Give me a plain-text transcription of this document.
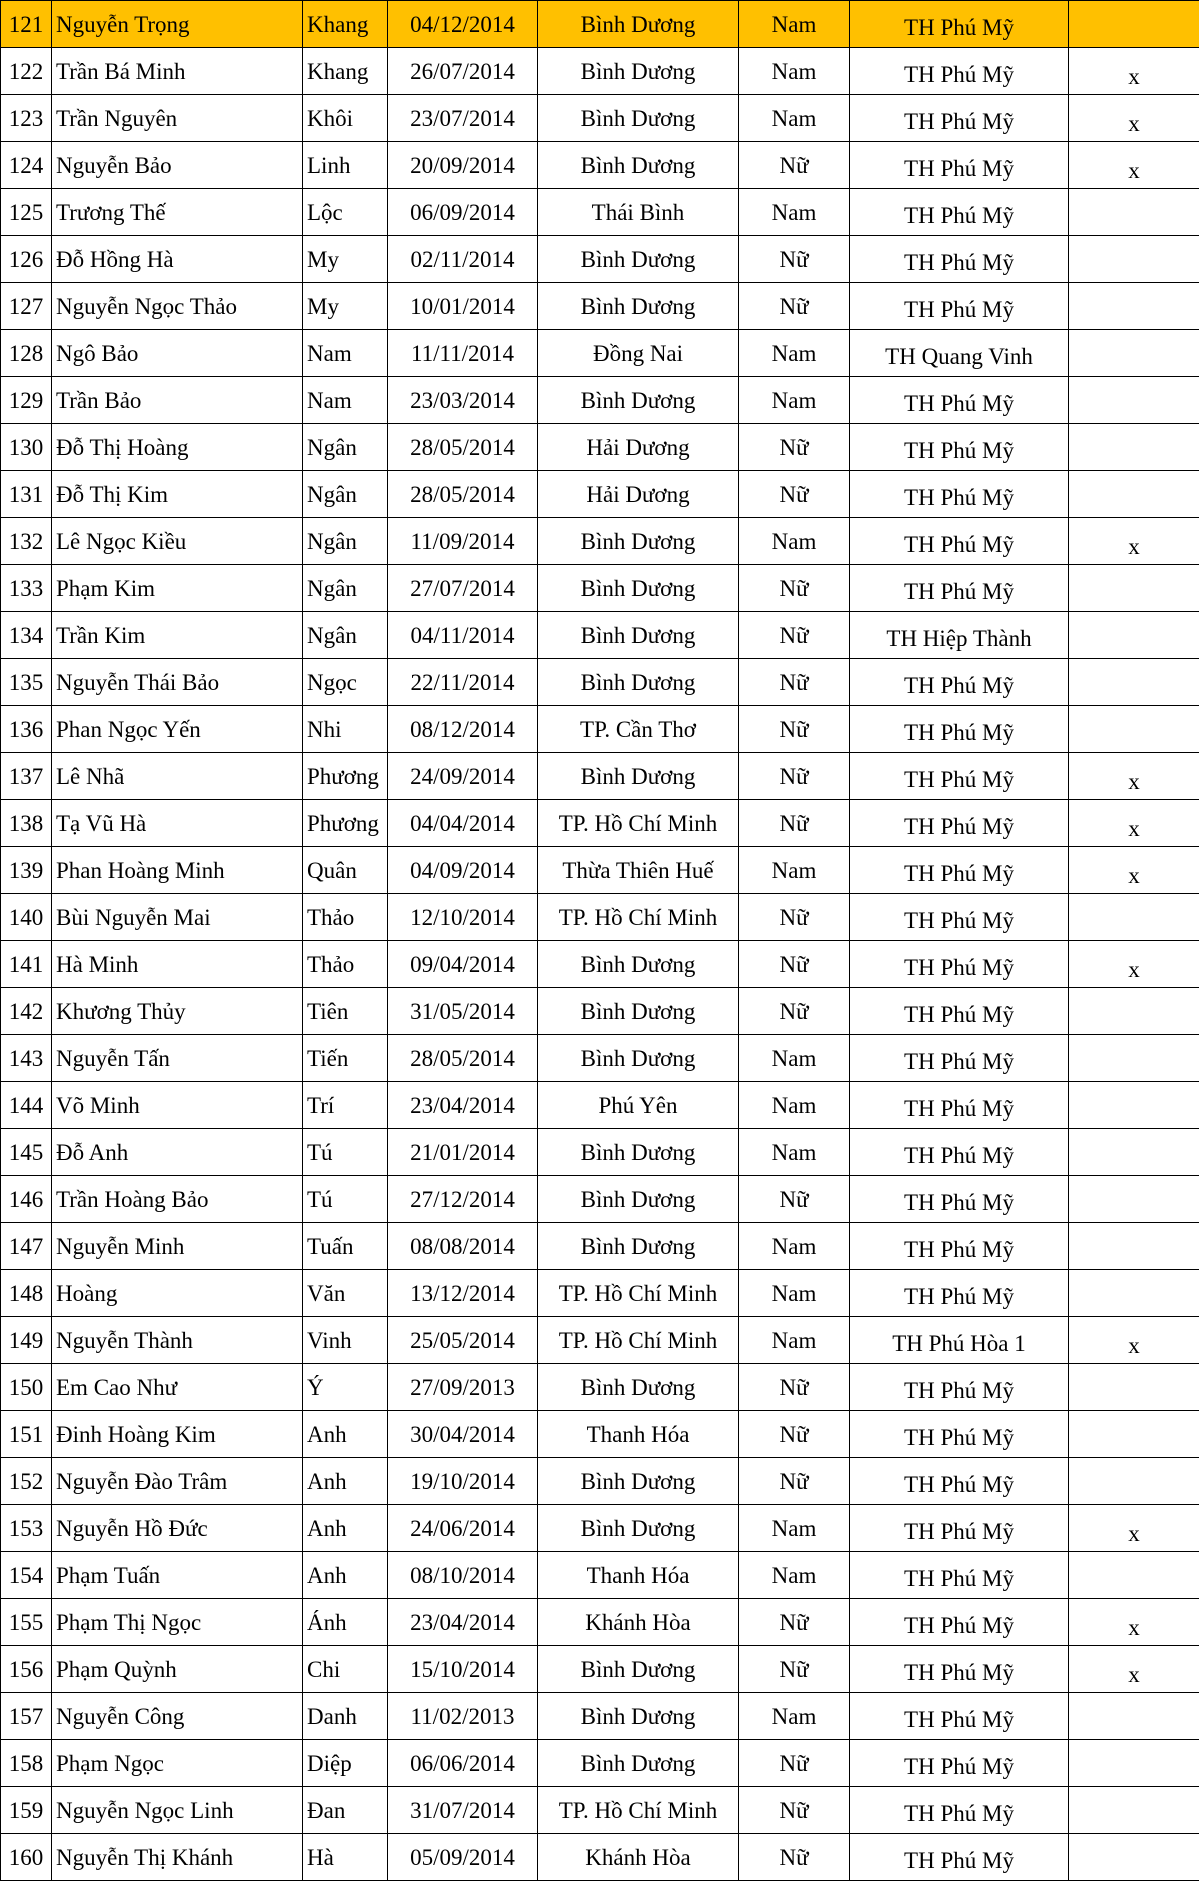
121	Nguyễn Trọng	Khang	04/12/2014	Bình Dương	Nam	TH Phú Mỹ	
122	Trần Bá Minh	Khang	26/07/2014	Bình Dương	Nam	TH Phú Mỹ	x
123	Trần Nguyên	Khôi	23/07/2014	Bình Dương	Nam	TH Phú Mỹ	x
124	Nguyễn Bảo	Linh	20/09/2014	Bình Dương	Nữ	TH Phú Mỹ	x
125	Trương Thế	Lộc	06/09/2014	Thái Bình	Nam	TH Phú Mỹ	
126	Đỗ Hồng Hà	My	02/11/2014	Bình Dương	Nữ	TH Phú Mỹ	
127	Nguyễn Ngọc Thảo	My	10/01/2014	Bình Dương	Nữ	TH Phú Mỹ	
128	Ngô Bảo	Nam	11/11/2014	Đồng Nai	Nam	TH Quang Vinh	
129	Trần Bảo	Nam	23/03/2014	Bình Dương	Nam	TH Phú Mỹ	
130	Đỗ Thị Hoàng	Ngân	28/05/2014	Hải Dương	Nữ	TH Phú Mỹ	
131	Đỗ Thị Kim	Ngân	28/05/2014	Hải Dương	Nữ	TH Phú Mỹ	
132	Lê Ngọc Kiều	Ngân	11/09/2014	Bình Dương	Nam	TH Phú Mỹ	x
133	Phạm Kim	Ngân	27/07/2014	Bình Dương	Nữ	TH Phú Mỹ	
134	Trần Kim	Ngân	04/11/2014	Bình Dương	Nữ	TH Hiệp Thành	
135	Nguyễn Thái Bảo	Ngọc	22/11/2014	Bình Dương	Nữ	TH Phú Mỹ	
136	Phan Ngọc Yến	Nhi	08/12/2014	TP. Cần Thơ	Nữ	TH Phú Mỹ	
137	Lê Nhã	Phương	24/09/2014	Bình Dương	Nữ	TH Phú Mỹ	x
138	Tạ Vũ Hà	Phương	04/04/2014	TP. Hồ Chí Minh	Nữ	TH Phú Mỹ	x
139	Phan Hoàng Minh	Quân	04/09/2014	Thừa Thiên Huế	Nam	TH Phú Mỹ	x
140	Bùi Nguyễn Mai	Thảo	12/10/2014	TP. Hồ Chí Minh	Nữ	TH Phú Mỹ	
141	Hà Minh	Thảo	09/04/2014	Bình Dương	Nữ	TH Phú Mỹ	x
142	Khương Thủy	Tiên	31/05/2014	Bình Dương	Nữ	TH Phú Mỹ	
143	Nguyễn Tấn	Tiến	28/05/2014	Bình Dương	Nam	TH Phú Mỹ	
144	Võ Minh	Trí	23/04/2014	Phú Yên	Nam	TH Phú Mỹ	
145	Đỗ Anh	Tú	21/01/2014	Bình Dương	Nam	TH Phú Mỹ	
146	Trần Hoàng Bảo	Tú	27/12/2014	Bình Dương	Nữ	TH Phú Mỹ	
147	Nguyễn Minh	Tuấn	08/08/2014	Bình Dương	Nam	TH Phú Mỹ	
148	Hoàng	Văn	13/12/2014	TP. Hồ Chí Minh	Nam	TH Phú Mỹ	
149	Nguyễn Thành	Vinh	25/05/2014	TP. Hồ Chí Minh	Nam	TH Phú Hòa 1	x
150	Em Cao Như	Ý	27/09/2013	Bình Dương	Nữ	TH Phú Mỹ	
151	Đinh Hoàng Kim	Anh	30/04/2014	Thanh Hóa	Nữ	TH Phú Mỹ	
152	Nguyễn Đào Trâm	Anh	19/10/2014	Bình Dương	Nữ	TH Phú Mỹ	
153	Nguyễn Hồ Đức	Anh	24/06/2014	Bình Dương	Nam	TH Phú Mỹ	x
154	Phạm Tuấn	Anh	08/10/2014	Thanh Hóa	Nam	TH Phú Mỹ	
155	Phạm Thị Ngọc	Ánh	23/04/2014	Khánh Hòa	Nữ	TH Phú Mỹ	x
156	Phạm Quỳnh	Chi	15/10/2014	Bình Dương	Nữ	TH Phú Mỹ	x
157	Nguyễn Công	Danh	11/02/2013	Bình Dương	Nam	TH Phú Mỹ	
158	Phạm Ngọc	Diệp	06/06/2014	Bình Dương	Nữ	TH Phú Mỹ	
159	Nguyễn Ngọc Linh	Đan	31/07/2014	TP. Hồ Chí Minh	Nữ	TH Phú Mỹ	
160	Nguyễn Thị Khánh	Hà	05/09/2014	Khánh Hòa	Nữ	TH Phú Mỹ	
